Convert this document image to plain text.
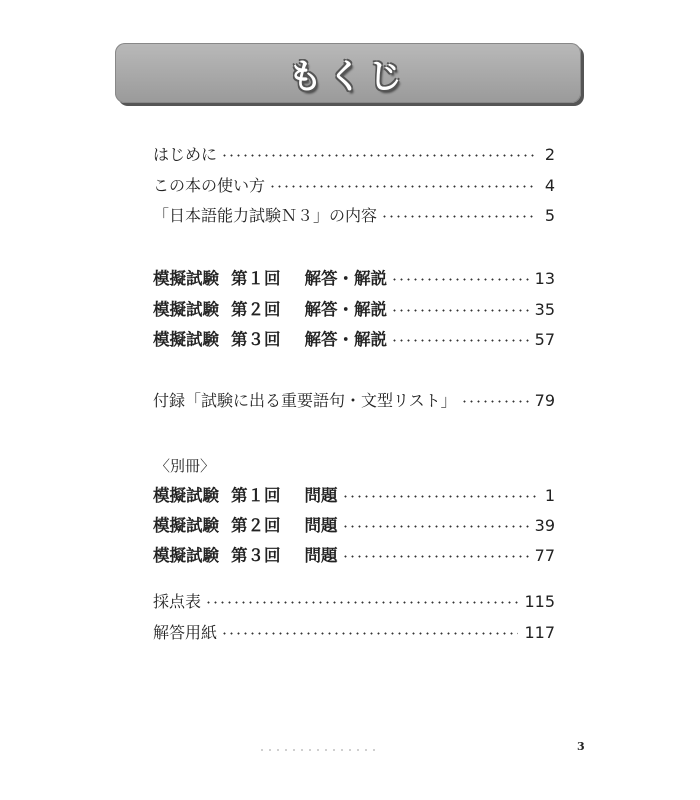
もくじ
はじめに	2
この本の使い方	4
「日本語能力試験Ｎ３」の内容	5
模擬試験 第１回 解答・解説	13
模擬試験 第２回 解答・解説	35
模擬試験 第３回 解答・解説	57
付録「試験に出る重要語句・文型リスト」	79
〈別冊〉
模擬試験 第１回 問題	1
模擬試験 第２回 問題	39
模擬試験 第３回 問題	77
採点表	115
解答用紙	117
3
